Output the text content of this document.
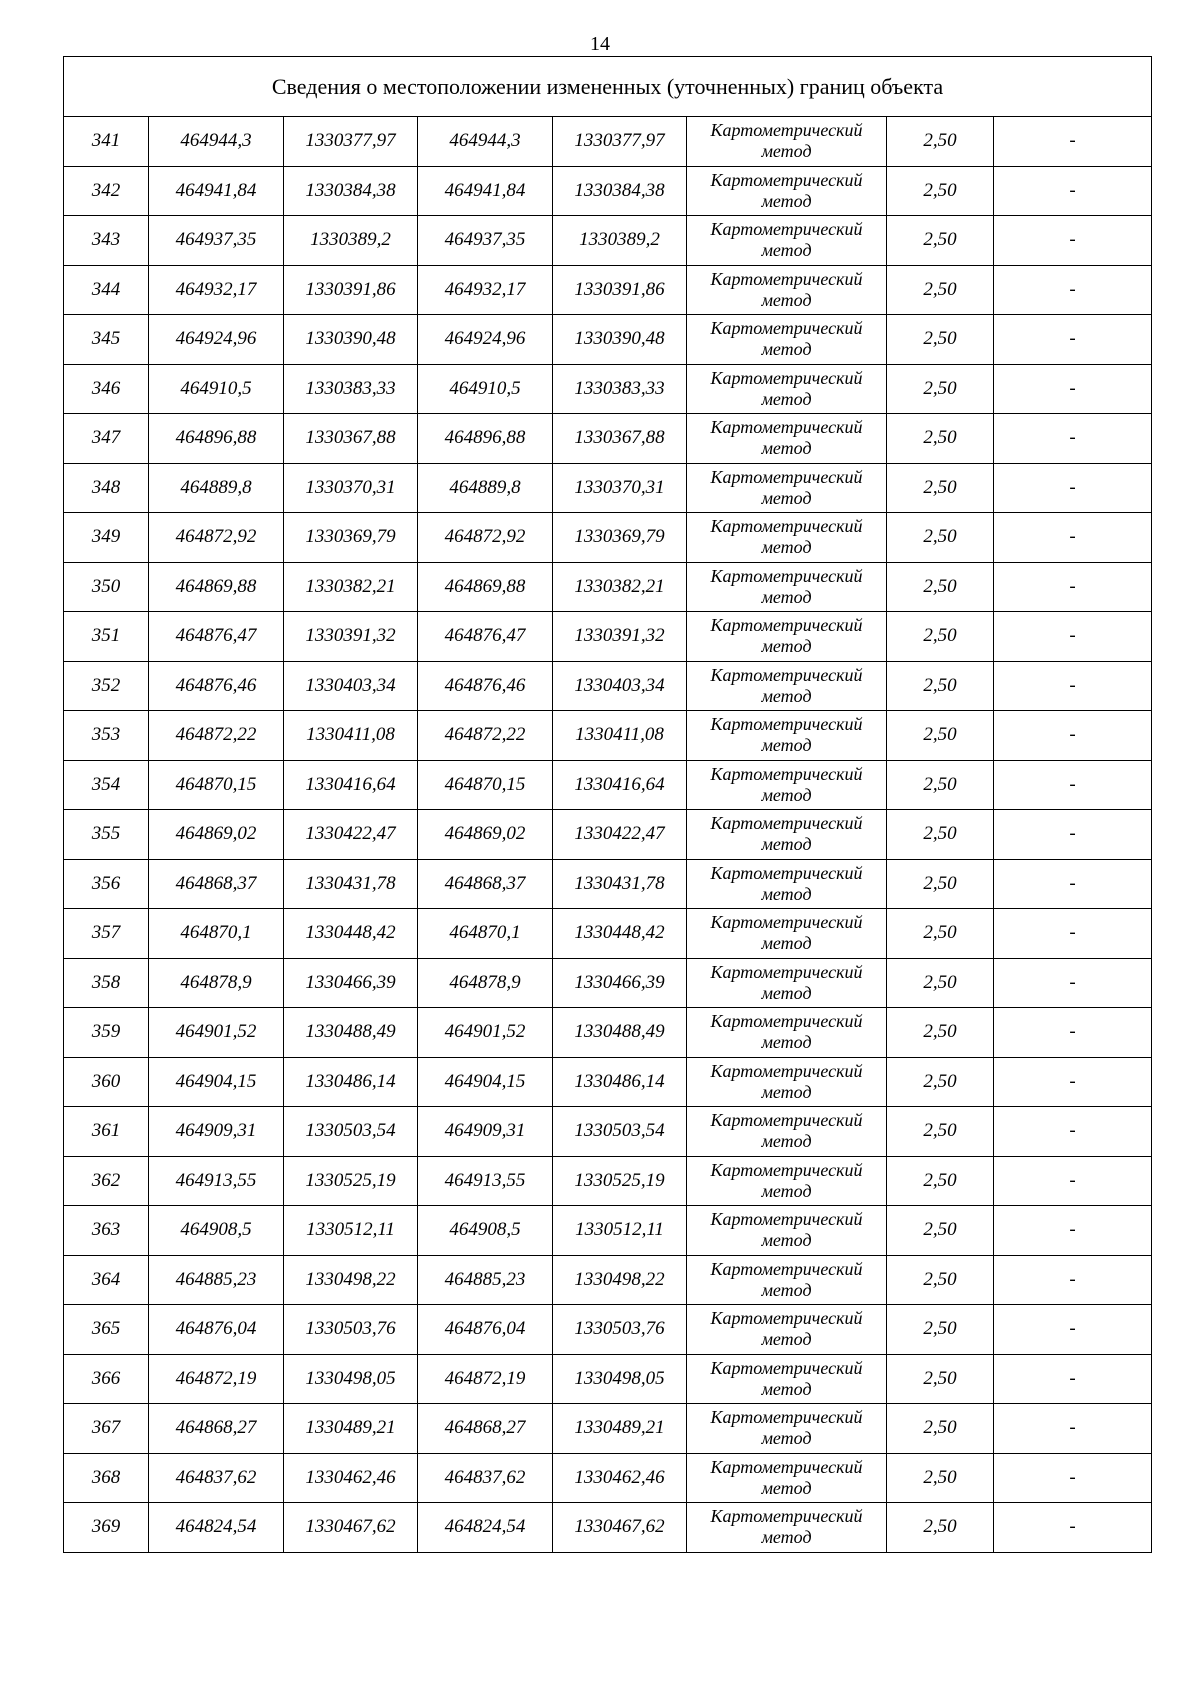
14
Сведения о местоположении измененных (уточненных) границ объекта							
341	464944,3	1330377,97	464944,3	1330377,97	Картометрический метод	2,50	-
342	464941,84	1330384,38	464941,84	1330384,38	Картометрический метод	2,50	-
343	464937,35	1330389,2	464937,35	1330389,2	Картометрический метод	2,50	-
344	464932,17	1330391,86	464932,17	1330391,86	Картометрический метод	2,50	-
345	464924,96	1330390,48	464924,96	1330390,48	Картометрический метод	2,50	-
346	464910,5	1330383,33	464910,5	1330383,33	Картометрический метод	2,50	-
347	464896,88	1330367,88	464896,88	1330367,88	Картометрический метод	2,50	-
348	464889,8	1330370,31	464889,8	1330370,31	Картометрический метод	2,50	-
349	464872,92	1330369,79	464872,92	1330369,79	Картометрический метод	2,50	-
350	464869,88	1330382,21	464869,88	1330382,21	Картометрический метод	2,50	-
351	464876,47	1330391,32	464876,47	1330391,32	Картометрический метод	2,50	-
352	464876,46	1330403,34	464876,46	1330403,34	Картометрический метод	2,50	-
353	464872,22	1330411,08	464872,22	1330411,08	Картометрический метод	2,50	-
354	464870,15	1330416,64	464870,15	1330416,64	Картометрический метод	2,50	-
355	464869,02	1330422,47	464869,02	1330422,47	Картометрический метод	2,50	-
356	464868,37	1330431,78	464868,37	1330431,78	Картометрический метод	2,50	-
357	464870,1	1330448,42	464870,1	1330448,42	Картометрический метод	2,50	-
358	464878,9	1330466,39	464878,9	1330466,39	Картометрический метод	2,50	-
359	464901,52	1330488,49	464901,52	1330488,49	Картометрический метод	2,50	-
360	464904,15	1330486,14	464904,15	1330486,14	Картометрический метод	2,50	-
361	464909,31	1330503,54	464909,31	1330503,54	Картометрический метод	2,50	-
362	464913,55	1330525,19	464913,55	1330525,19	Картометрический метод	2,50	-
363	464908,5	1330512,11	464908,5	1330512,11	Картометрический метод	2,50	-
364	464885,23	1330498,22	464885,23	1330498,22	Картометрический метод	2,50	-
365	464876,04	1330503,76	464876,04	1330503,76	Картометрический метод	2,50	-
366	464872,19	1330498,05	464872,19	1330498,05	Картометрический метод	2,50	-
367	464868,27	1330489,21	464868,27	1330489,21	Картометрический метод	2,50	-
368	464837,62	1330462,46	464837,62	1330462,46	Картометрический метод	2,50	-
369	464824,54	1330467,62	464824,54	1330467,62	Картометрический метод	2,50	-
